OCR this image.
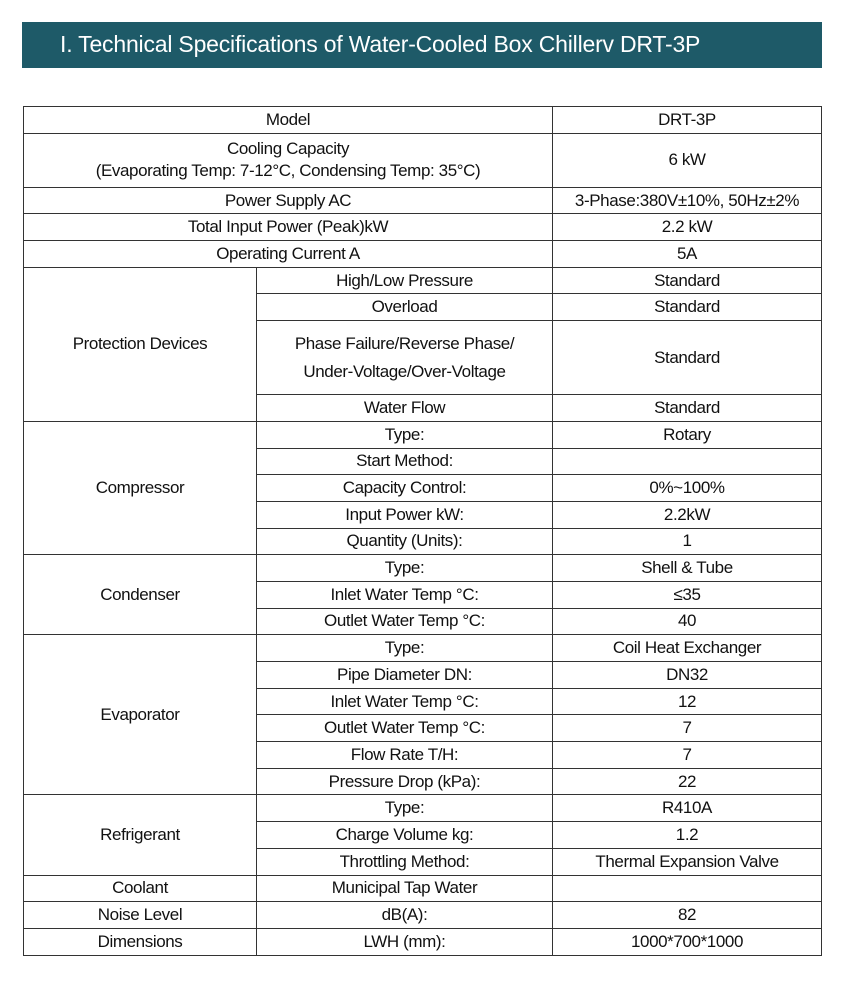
I. Technical Specifications of Water-Cooled Box Chillerv DRT-3P
Model		DRT-3P

Cooling Capacity
(Evaporating Temp: 7-12°C, Condensing Temp: 35°C)		6 kW
Power Supply AC		3-Phase:380V±10%, 50Hz±2%
Total Input Power (Peak)kW		2.2 kW
Operating Current A		5A
Protection Devices	High/Low Pressure	Standard
	Overload	Standard

	Phase Failure/Reverse Phase/
Under-Voltage/Over-Voltage	Standard
	Water Flow	Standard
Compressor	Type:	Rotary
	Start Method:	
	Capacity Control:	0%~100%
	Input Power kW:	2.2kW
	Quantity (Units):	1
Condenser	Type:	Shell & Tube
	Inlet Water Temp °C:	≤35
	Outlet Water Temp °C:	40
Evaporator	Type:	Coil Heat Exchanger
	Pipe Diameter DN:	DN32
	Inlet Water Temp °C:	12
	Outlet Water Temp °C:	7
	Flow Rate T/H:	7
	Pressure Drop (kPa):	22
Refrigerant	Type:	R410A
	Charge Volume kg:	1.2
	Throttling Method:	Thermal Expansion Valve
Coolant	Municipal Tap Water	
Noise Level	dB(A):	82
Dimensions	LWH (mm):	1000*700*1000
